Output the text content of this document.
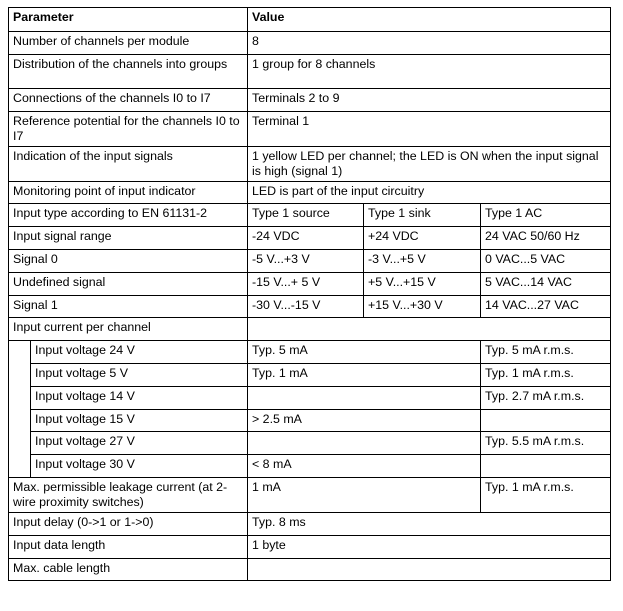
Parameter		Value		
Number of channels per module		8		
Distribution of the channels into groups		1 group for 8 channels		
Connections of the channels I0 to I7		Terminals 2 to 9		
Reference potential for the channels I0 to I7		Terminal 1		
Indication of the input signals		1 yellow LED per channel; the LED is ON when the input signal is high (signal 1)		
Monitoring point of input indicator		LED is part of the input circuitry		
Input type according to EN 61131-2		Type 1 source	Type 1 sink	Type 1 AC
Input signal range		-24 VDC	+24 VDC	24 VAC 50/60 Hz
Signal 0		-5 V...+3 V	-3 V...+5 V	0 VAC...5 VAC
Undefined signal		-15 V...+ 5 V	+5 V...+15 V	5 VAC...14 VAC
Signal 1		-30 V...-15 V	+15 V...+30 V	14 VAC...27 VAC
Input current per channel				
	Input voltage 24 V	Typ. 5 mA		Typ. 5 mA r.m.s.
	Input voltage 5 V	Typ. 1 mA		Typ. 1 mA r.m.s.
	Input voltage 14 V			Typ. 2.7 mA r.m.s.
	Input voltage 15 V	> 2.5 mA		
	Input voltage 27 V			Typ. 5.5 mA r.m.s.
	Input voltage 30 V	< 8 mA		
Max. permissible leakage current (at 2-wire proximity switches)		1 mA		Typ. 1 mA r.m.s.
Input delay (0->1 or 1->0)		Typ. 8 ms		
Input data length		1 byte		
Max. cable length				
